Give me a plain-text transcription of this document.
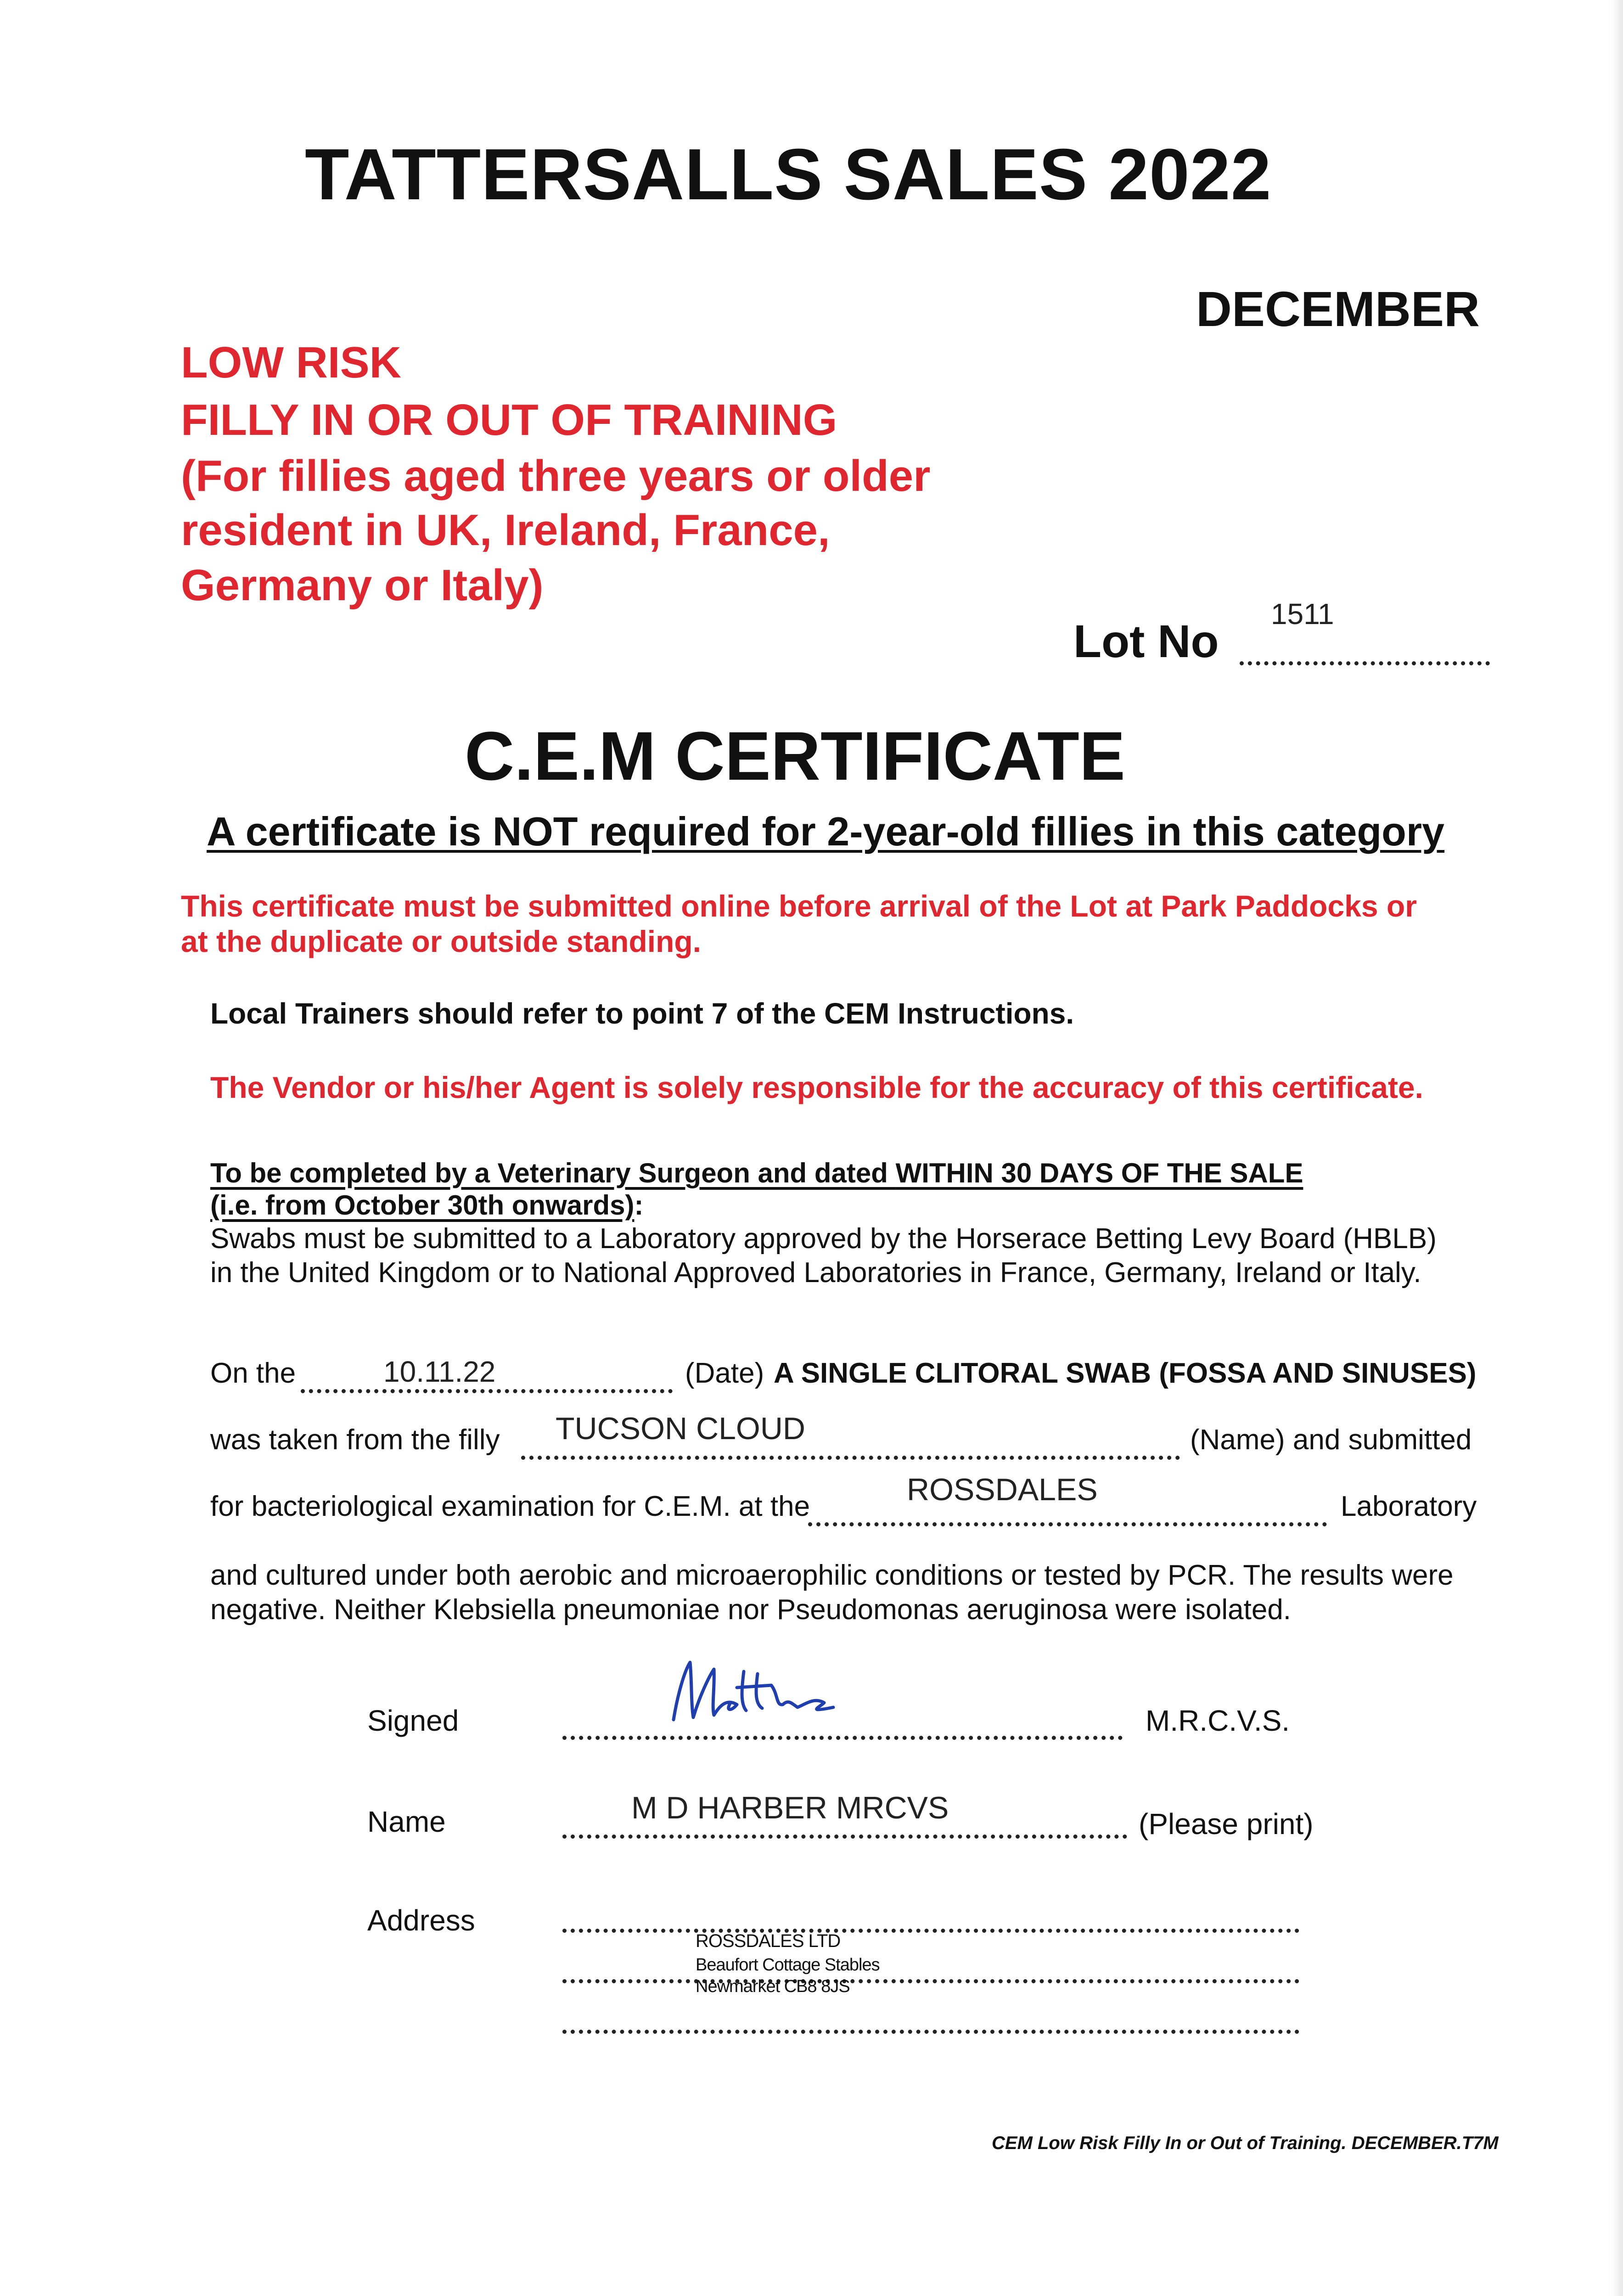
TATTERSALLS SALES 2022
DECEMBER
LOW RISK
FILLY IN OR OUT OF TRAINING
(For fillies aged three years or older
resident in UK, Ireland, France,
Germany or Italy)
1511
Lot No
C.E.M CERTIFICATE
A certificate is NOT required for 2-year-old fillies in this category
This certificate must be submitted online before arrival of the Lot at Park Paddocks or
at the duplicate or outside standing.
Local Trainers should refer to point 7 of the CEM Instructions.
The Vendor or his/her Agent is solely responsible for the accuracy of this certificate.
To be completed by a Veterinary Surgeon and dated WITHIN 30 DAYS OF THE SALE
(i.e. from October 30th onwards):
Swabs must be submitted to a Laboratory approved by the Horserace Betting Levy Board (HBLB)
in the United Kingdom or to National Approved Laboratories in France, Germany, Ireland or Italy.
On the	10.11.22	(Date) A SINGLE CLITORAL SWAB (FOSSA AND SINUSES)
was taken from the filly TUCSON CLOUD	(Name) and submitted
for bacteriological examination for C.E.M. at the	ROSSDALES	Laboratory
and cultured under both aerobic and microaerophilic conditions or tested by PCR. The results were
negative. Neither Klebsiella pneumoniae nor Pseudomonas aeruginosa were isolated.
Signed	M.R.C.V.S.
Name	M D HARBER MRCVS	(Please print)
Address
ROSSDALES LTD
Beaufort Cottage Stables
Newmarket CB8 8JS
CEM Low Risk Filly In or Out of Training. DECEMBER.T7M
